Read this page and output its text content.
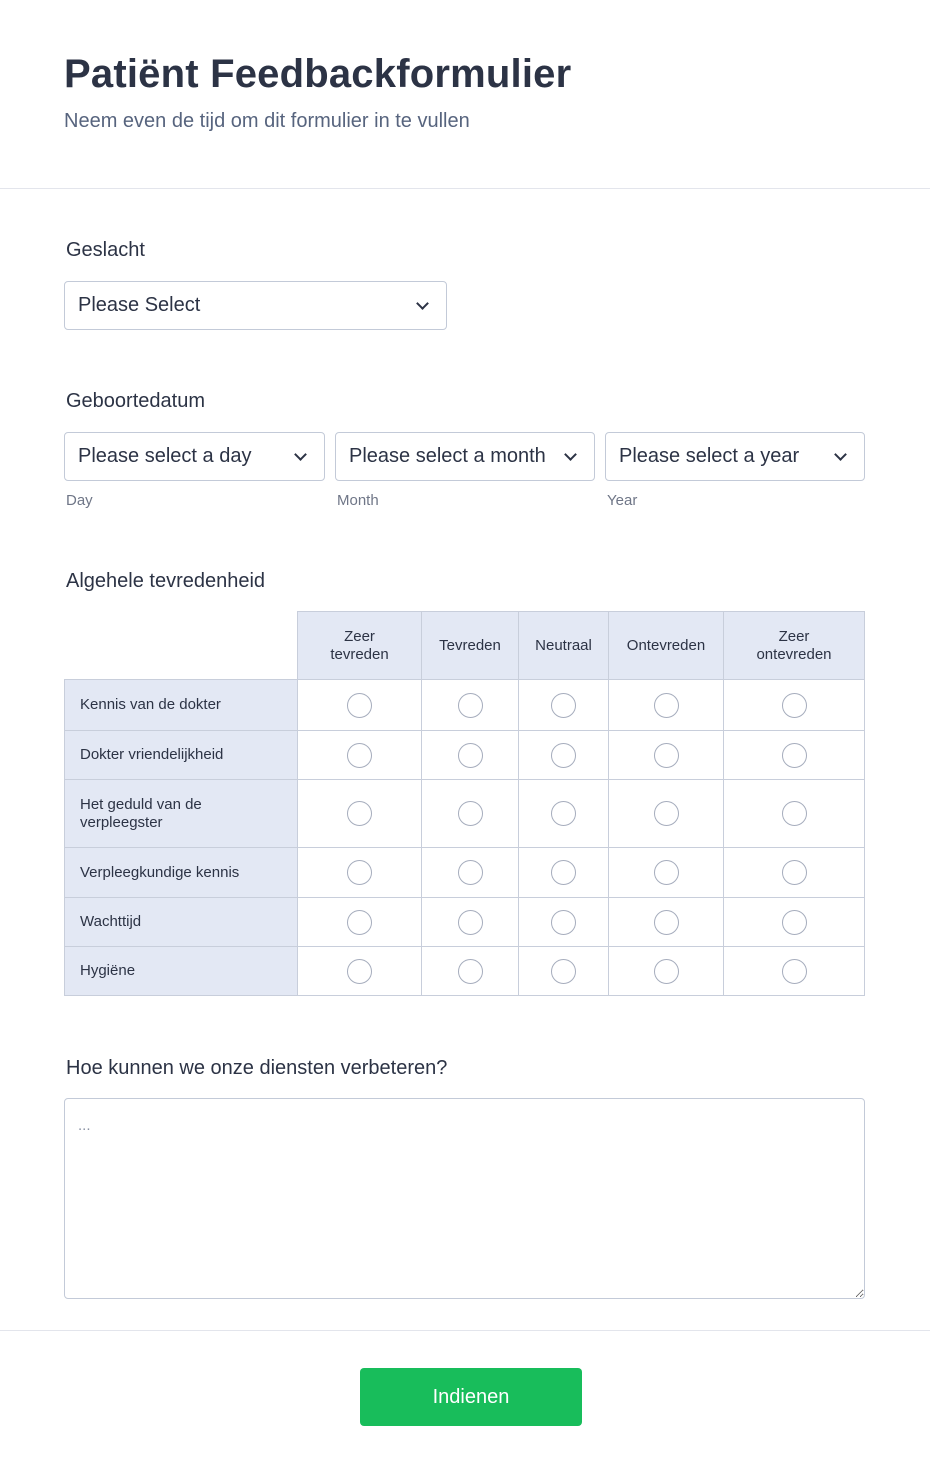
Patiënt Feedbackformulier
Neem even de tijd om dit formulier in te vullen
Geslacht
Please Select
Geboortedatum
Please select a day	Please select a month	Please select a year
Day	Month	Year
Algehele tevredenheid
	Zeer tevreden	Tevreden	Neutraal	Ontevreden	Zeer ontevreden
Kennis van de dokter					
Dokter vriendelijkheid					
Het geduld van de verpleegster					
Verpleegkundige kennis					
Wachttijd					
Hygiëne					
Hoe kunnen we onze diensten verbeteren?
...
Indienen
